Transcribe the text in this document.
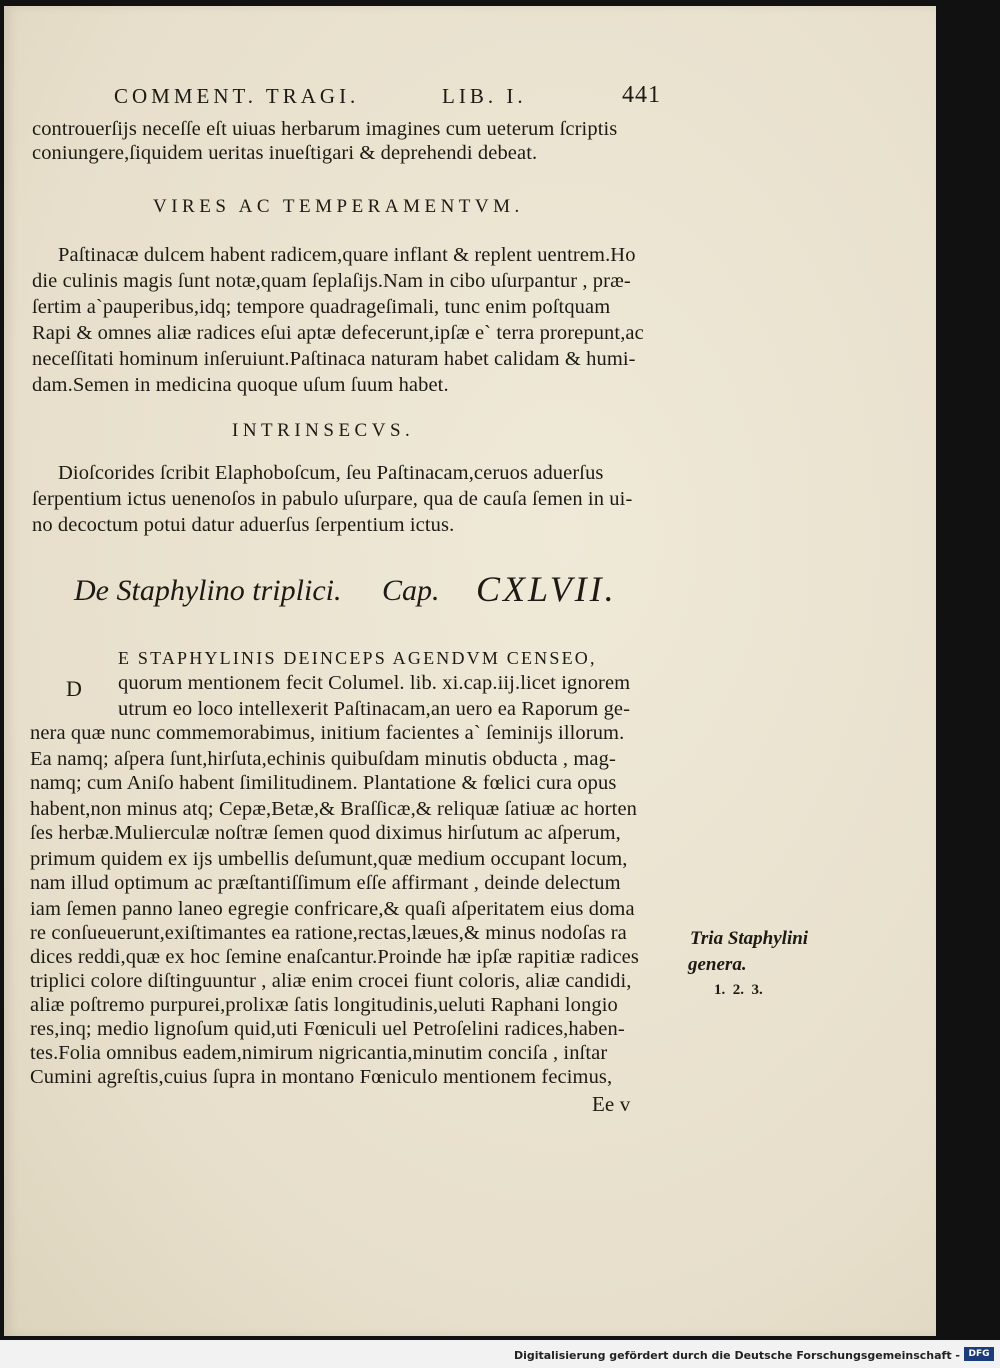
COMMENT. TRAGI.	LIB. I.	441
controuerſijs neceſſe eſt uiuas herbarum imagines cum ueterum ſcriptis
coniungere,ſiquidem ueritas inueſtigari & deprehendi debeat.
VIRES AC TEMPERAMENTVM.
Paſtinacæ dulcem habent radicem,quare inflant & replent uentrem.Ho
die culinis magis ſunt notæ,quam ſeplaſijs.Nam in cibo uſurpantur , præ-
ſertim a`pauperibus,idq; tempore quadrageſimali, tunc enim poſtquam
Rapi & omnes aliæ radices eſui aptæ defecerunt,ipſæ e` terra prorepunt,ac
neceſſitati hominum inſeruiunt.Paſtinaca naturam habet calidam & humi-
dam.Semen in medicina quoque uſum ſuum habet.
INTRINSECVS.
Dioſcorides ſcribit Elaphoboſcum, ſeu Paſtinacam,ceruos aduerſus
ſerpentium ictus uenenoſos in pabulo uſurpare, qua de cauſa ſemen in ui-
no decoctum potui datur aduerſus ſerpentium ictus.
De Staphylino triplici. Cap. CXLVII.
D
E STAPHYLINIS DEINCEPS AGENDVM CENSEO,
quorum mentionem fecit Columel. lib. xi.cap.iij.licet ignorem
utrum eo loco intellexerit Paſtinacam,an uero ea Raporum ge-
nera quæ nunc commemorabimus, initium facientes a` ſeminijs illorum.
Ea namq; aſpera ſunt,hirſuta,echinis quibuſdam minutis obducta , mag-
namq; cum Aniſo habent ſimilitudinem. Plantatione & fœlici cura opus
habent,non minus atq; Cepæ,Betæ,& Braſſicæ,& reliquæ ſatiuæ ac horten
ſes herbæ.Mulierculæ noſtræ ſemen quod diximus hirſutum ac aſperum,
primum quidem ex ijs umbellis deſumunt,quæ medium occupant locum,
nam illud optimum ac præſtantiſſimum eſſe affirmant , deinde delectum
iam ſemen panno laneo egregie confricare,& quaſi aſperitatem eius doma
re conſueuerunt,exiſtimantes ea ratione,rectas,læues,& minus nodoſas ra
dices reddi,quæ ex hoc ſemine enaſcantur.Proinde hæ ipſæ rapitiæ radices
triplici colore diſtinguuntur , aliæ enim crocei fiunt coloris, aliæ candidi,
aliæ poſtremo purpurei,prolixæ ſatis longitudinis,ueluti Raphani longio
res,inq; medio lignoſum quid,uti Fœniculi uel Petroſelini radices,haben-
tes.Folia omnibus eadem,nimirum nigricantia,minutim conciſa , inſtar
Cumini agreſtis,cuius ſupra in montano Fœniculo mentionem fecimus,
Ee v
Tria Staphylini
genera.
1.  2.  3.
Digitalisierung gefördert durch die Deutsche Forschungsgemeinschaft - DFG
